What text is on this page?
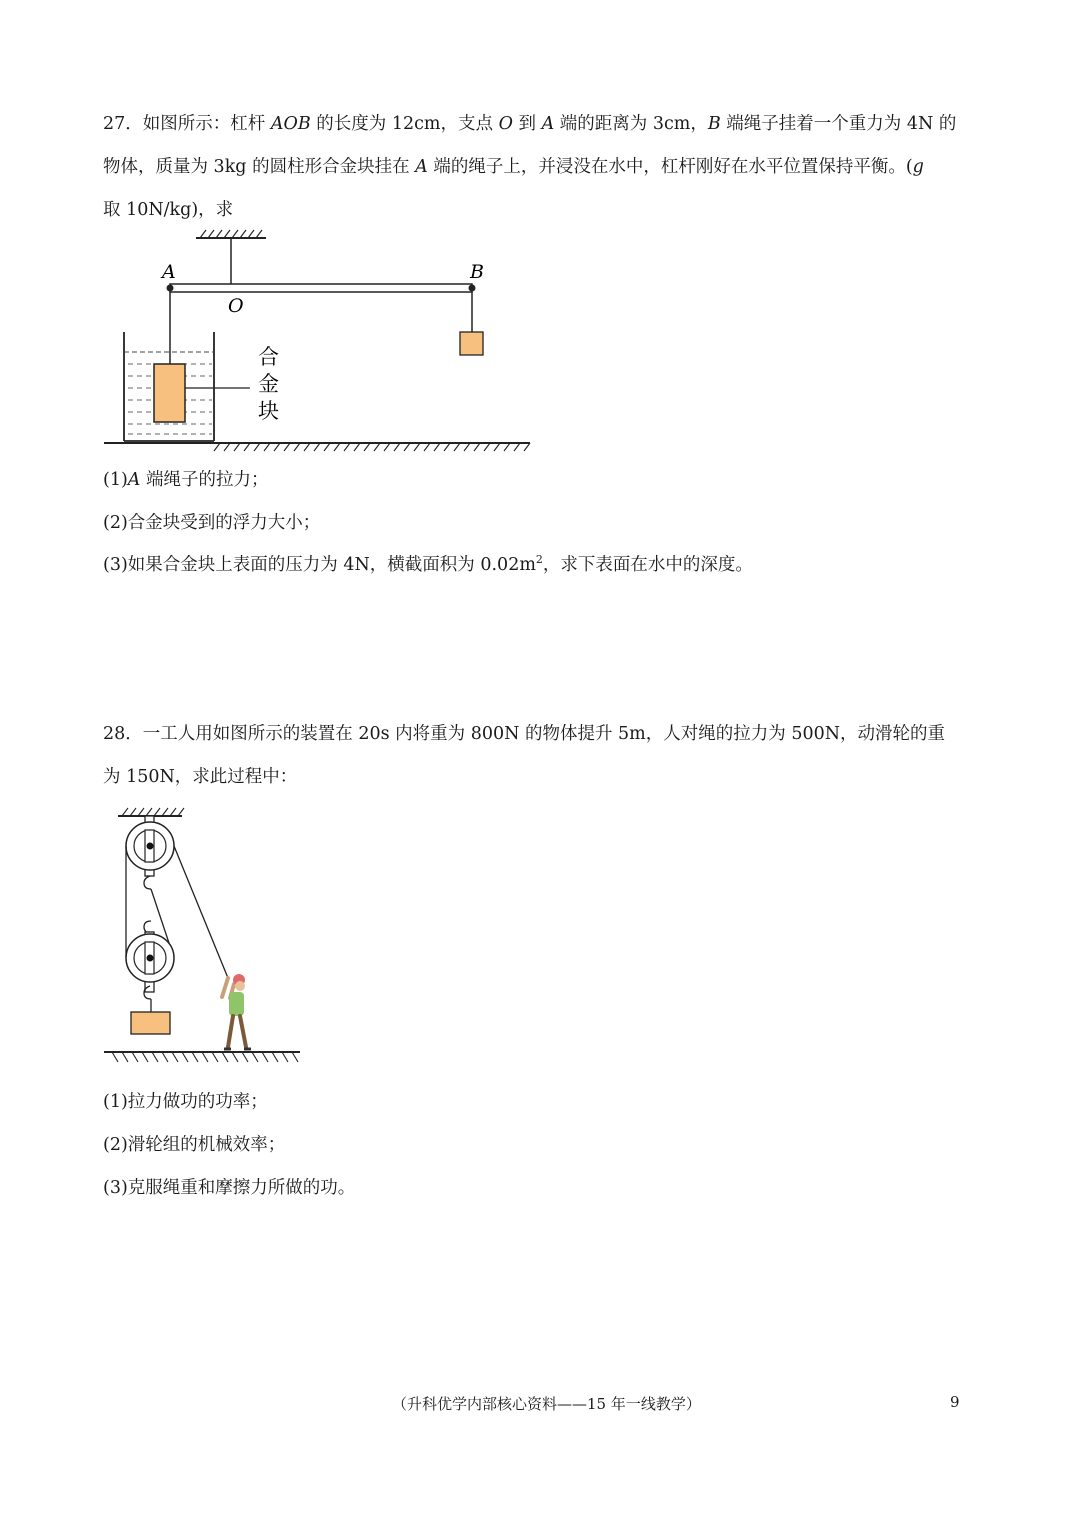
27．如图所示：杠杆 AOB 的长度为 12cm，支点 O 到 A 端的距离为 3cm，B 端绳子挂着一个重力为 4N 的
物体，质量为 3kg 的圆柱形合金块挂在 A 端的绳子上，并浸没在水中，杠杆刚好在水平位置保持平衡。(g
取 10N/kg)，求
A
O
B
合
金
块
(1)A 端绳子的拉力；
(2)合金块受到的浮力大小；
(3)如果合金块上表面的压力为 4N，横截面积为 $0.02m^2$，求下表面在水中的深度。
28．一工人用如图所示的装置在 20s 内将重为 800N 的物体提升 5m，人对绳的拉力为 500N，动滑轮的重
为 150N，求此过程中：
(1)拉力做功的功率；
(2)滑轮组的机械效率；
(3)克服绳重和摩擦力所做的功。
（升科优学内部核心资料——15 年一线教学）	9
